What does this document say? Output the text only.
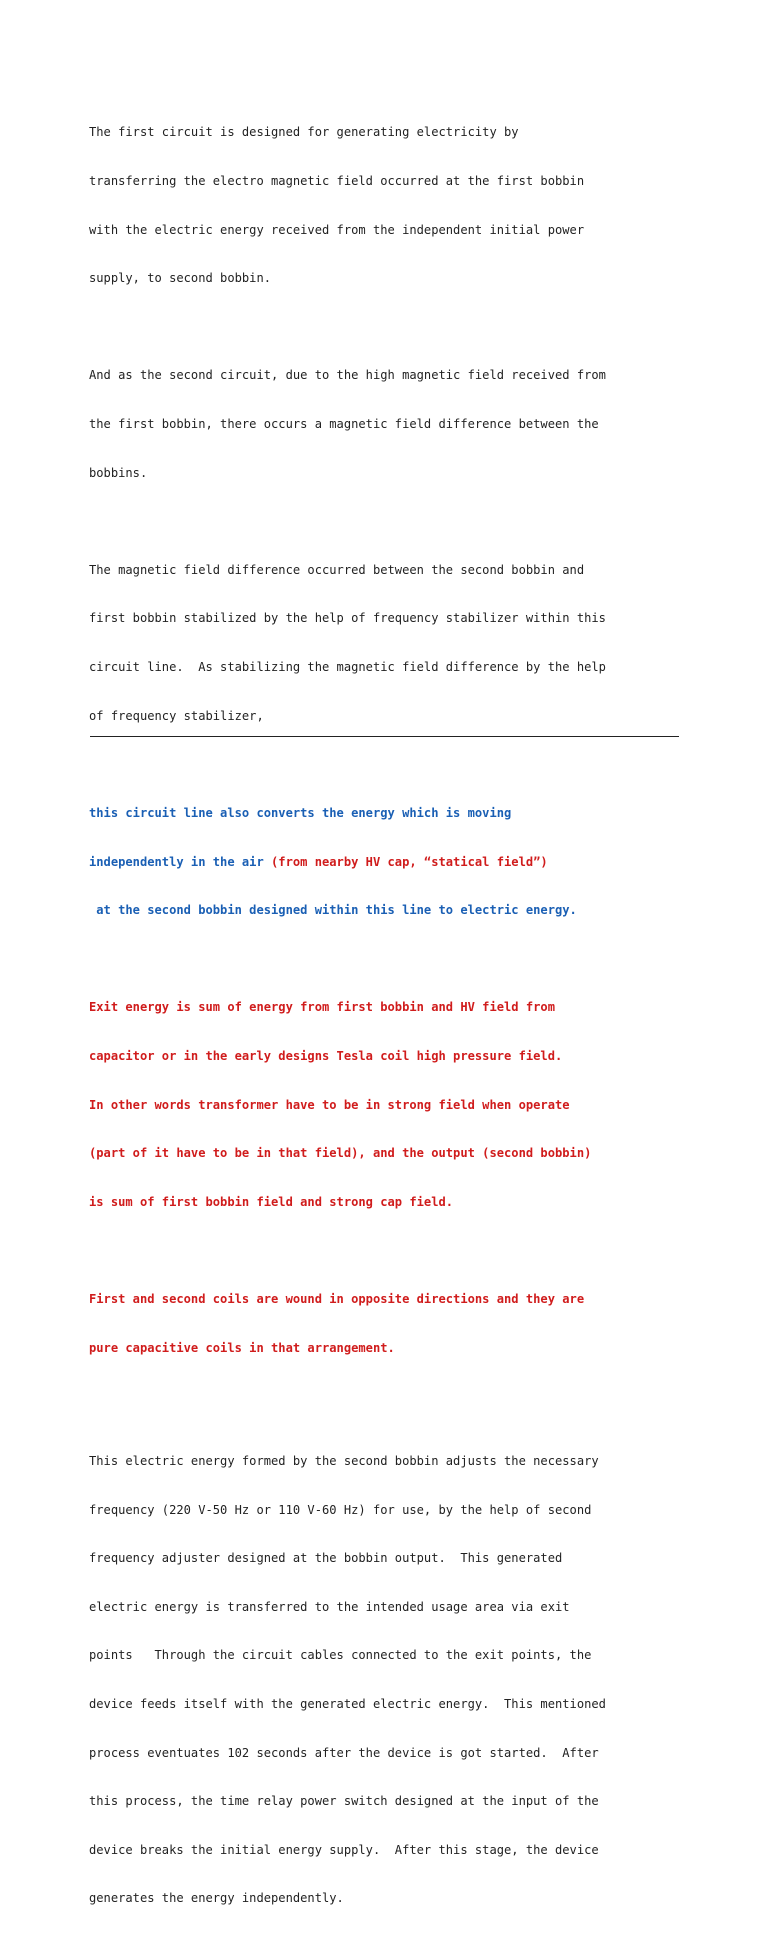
The first circuit is designed for generating electricity by

transferring the electro magnetic field occurred at the first bobbin

with the electric energy received from the independent initial power

supply, to second bobbin.

And as the second circuit, due to the high magnetic field received from

the first bobbin, there occurs a magnetic field difference between the

bobbins.

The magnetic field difference occurred between the second bobbin and

first bobbin stabilized by the help of frequency stabilizer within this

circuit line.  As stabilizing the magnetic field difference by the help

of frequency stabilizer,

this circuit line also converts the energy which is moving

independently in the air (from nearby HV cap, “statical field”)

at the second bobbin designed within this line to electric energy.

Exit energy is sum of energy from first bobbin and HV field from

capacitor or in the early designs Tesla coil high pressure field.

In other words transformer have to be in strong field when operate

(part of it have to be in that field), and the output (second bobbin)

is sum of first bobbin field and strong cap field.

First and second coils are wound in opposite directions and they are

pure capacitive coils in that arrangement.

This electric energy formed by the second bobbin adjusts the necessary

frequency (220 V-50 Hz or 110 V-60 Hz) for use, by the help of second

frequency adjuster designed at the bobbin output.  This generated

electric energy is transferred to the intended usage area via exit

points   Through the circuit cables connected to the exit points, the

device feeds itself with the generated electric energy.  This mentioned

process eventuates 102 seconds after the device is got started.  After

this process, the time relay power switch designed at the input of the

device breaks the initial energy supply.  After this stage, the device

generates the energy independently.
